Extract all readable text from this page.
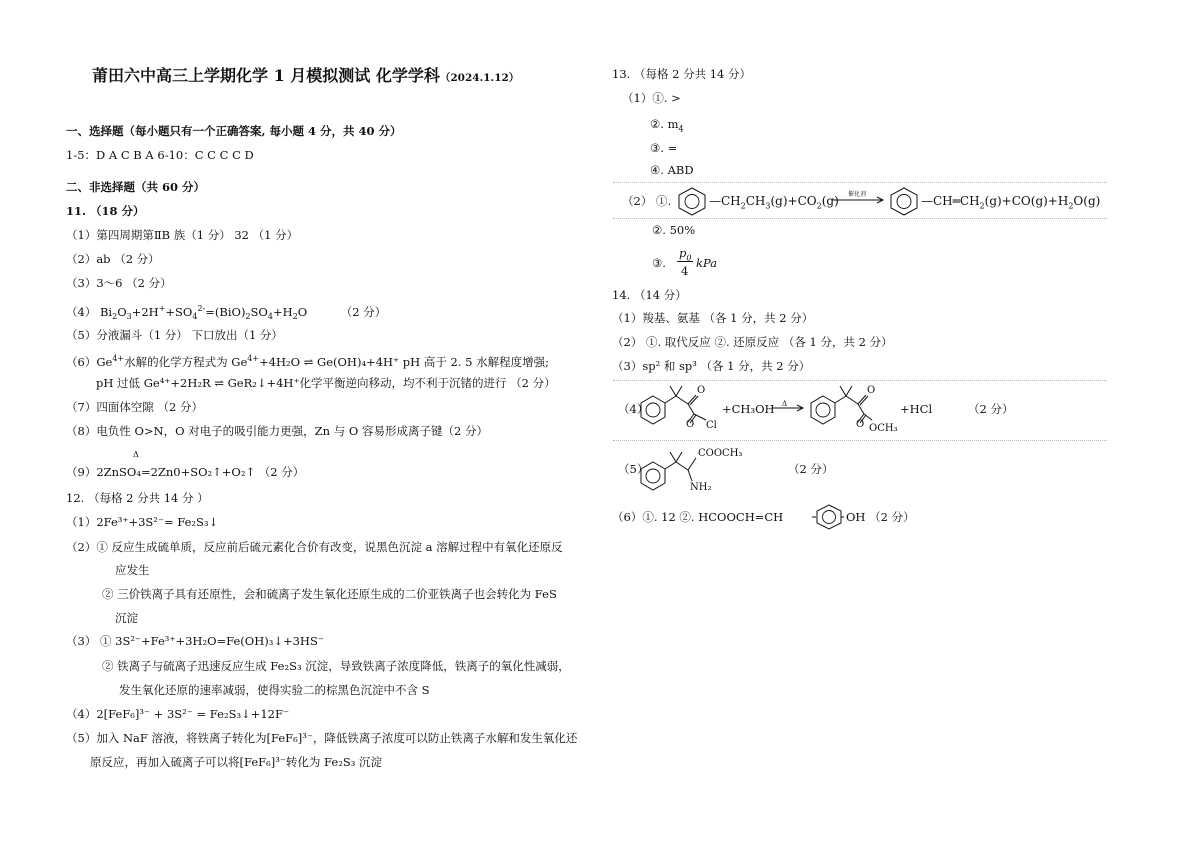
莆田六中高三上学期化学 1 月模拟测试 化学学科（2024.1.12）
一、选择题（每小题只有一个正确答案, 每小题 4 分，共 40 分）
1-5：D A C B A 6-10：C C C C D
二、非选择题（共 60 分）
11. （18 分）
（1）第四周期第ⅡB 族（1 分） 32 （1 分）
（2）ab （2 分）
（3）3～6 （2 分）
（4） $Bi_2O_3+2H^++SO_4^{2-}=(BiO)_2SO_4+H_2O$	（2 分）
（5）分液漏斗（1 分） 下口放出（1 分）
$(6)Ge^{4+}$水解的化学方程式为 $Ge^{4+}+4H_2O$ ⇌ Ge(OH)₄+4H⁺ pH 高于 2. 5 水解程度增强;
pH 过低 Ge⁴⁺+2H₂R ⇌ GeR₂↓+4H⁺化学平衡逆向移动，均不利于沉锗的进行 （2 分）
（7）四面体空隙 （2 分）
（8）电负性 O>N，O 对电子的吸引能力更强，Zn 与 O 容易形成离子键（2 分）
Δ
（9）2ZnSO₄=2Zn0+SO₂↑+O₂↑ （2 分）
12. （每格 2 分共 14 分 ）
（1）2Fe³⁺+3S²⁻= Fe₂S₃↓
（2）① 反应生成硫单质，反应前后硫元素化合价有改变，说黑色沉淀 a 溶解过程中有氧化还原反
应发生
② 三价铁离子具有还原性，会和硫离子发生氧化还原生成的二价亚铁离子也会转化为 FeS
沉淀
（3） ① 3S²⁻+Fe³⁺+3H₂O=Fe(OH)₃↓+3HS⁻
② 铁离子与硫离子迅速反应生成 Fe₂S₃ 沉淀，导致铁离子浓度降低，铁离子的氧化性减弱，
发生氧化还原的速率减弱，使得实验二的棕黑色沉淀中不含 S
（4）2[FeF₆]³⁻ + 3S²⁻ = Fe₂S₃↓+12F⁻
（5）加入 NaF 溶液，将铁离子转化为[FeF₆]³⁻，降低铁离子浓度可以防止铁离子水解和发生氧化还
原反应，再加入硫离子可以将[FeF₆]³⁻转化为 Fe₂S₃ 沉淀
13. （每格 2 分共 14 分）
（1）①. >
②. $m_4$
③. =
④. ABD
（2） ①.	$—CH_2CH_3(g)+CO_2(g)$ 催化剂	$—CH═CH_2(g)+CO(g)+H_2O(g)$
②. 50%
③.
$p_0$
4
kPa
14. （14 分）
（1）羧基、氨基 （各 1 分，共 2 分）
（2） ①. 取代反应 ②. 还原反应 （各 1 分，共 2 分）
（3）sp² 和 sp³ （各 1 分，共 2 分）
（4）
O
O Cl
+CH₃OH Δ
O
O OCH₃
+HCl	（2 分）
（5）
COOCH₃
NH₂
（2 分）
（6）①. 12 ②. HCOOCH=CH	OH （2 分）
